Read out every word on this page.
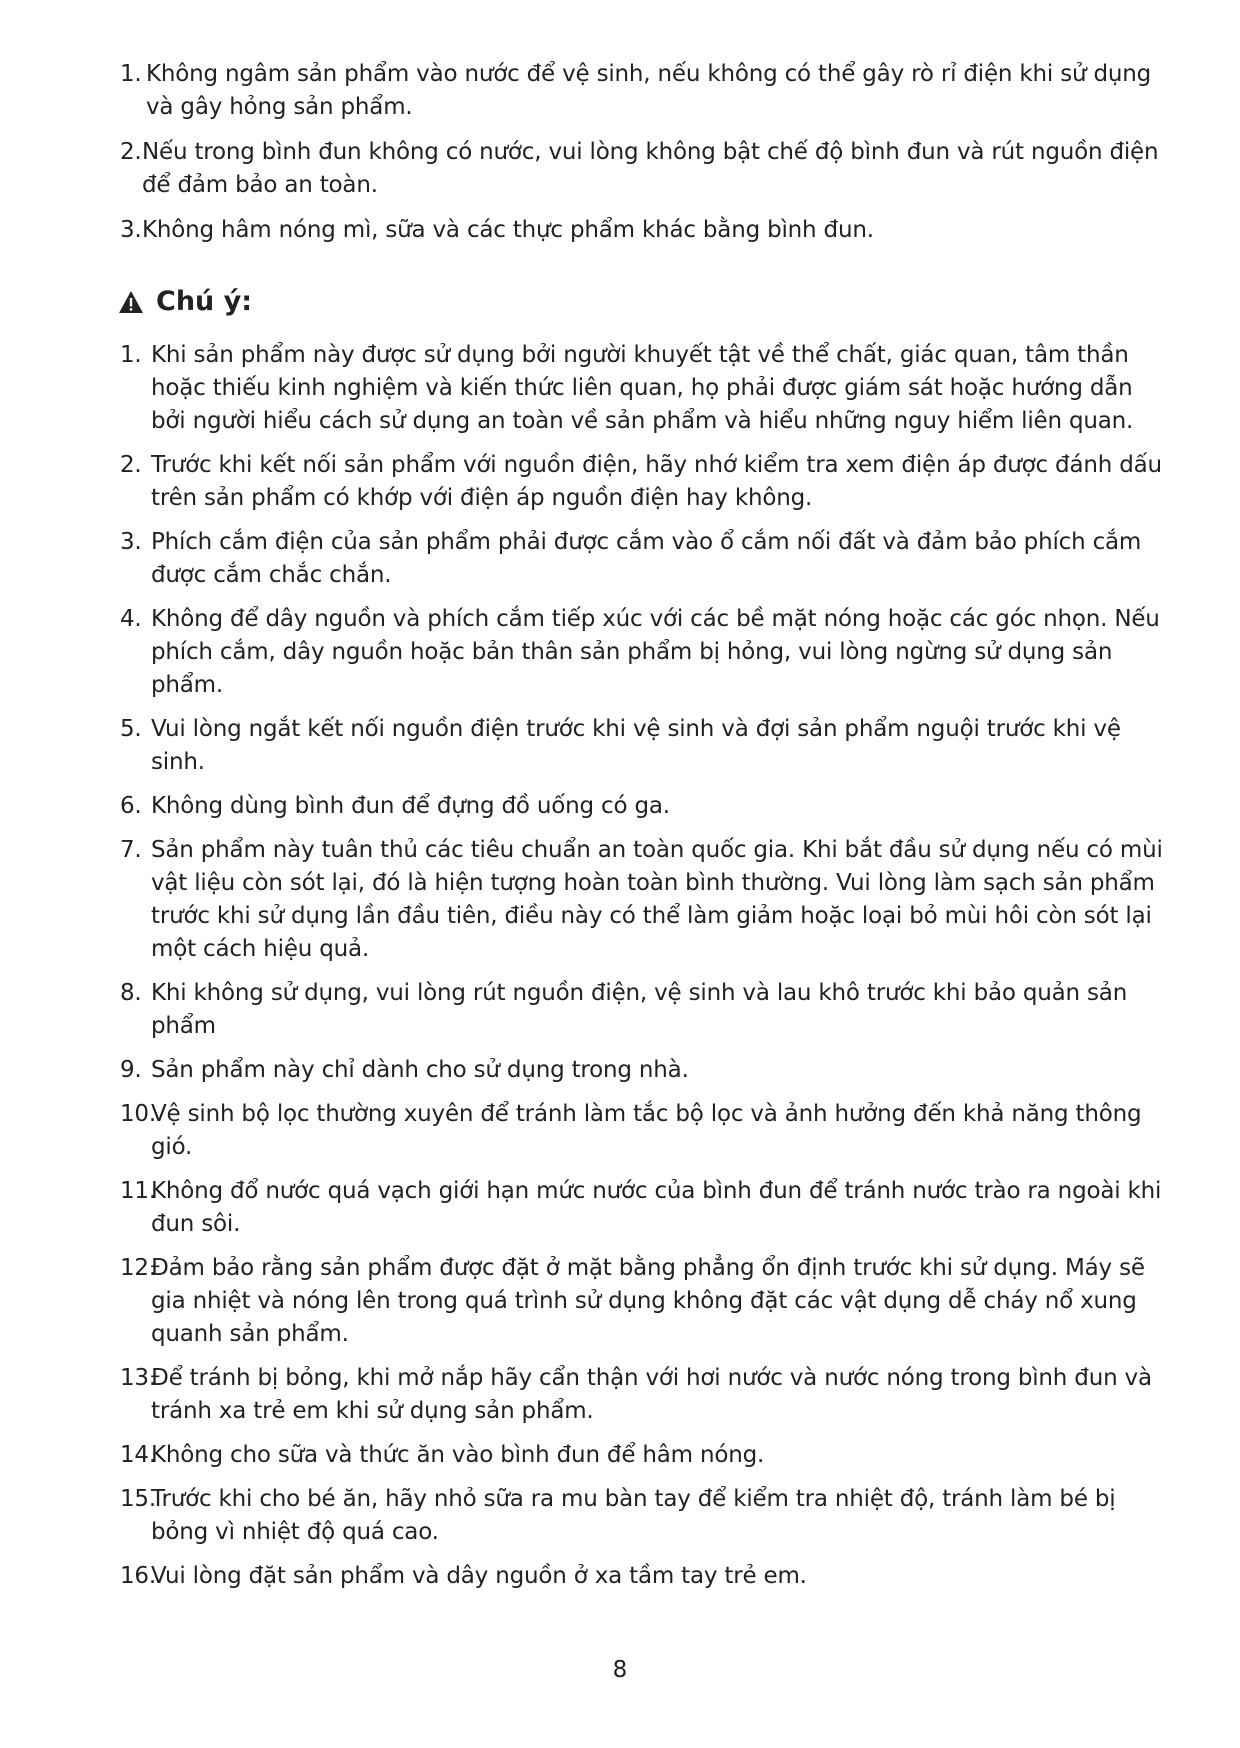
1. Không ngâm sản phẩm vào nước để vệ sinh, nếu không có thể gây rò rỉ điện khi sử dụng và gây hỏng sản phẩm.
2. Nếu trong bình đun không có nước, vui lòng không bật chế độ bình đun và rút nguồn điện để đảm bảo an toàn.
3. Không hâm nóng mì, sữa và các thực phẩm khác bằng bình đun.
Chú ý:
1. Khi sản phẩm này được sử dụng bởi người khuyết tật về thể chất, giác quan, tâm thần hoặc thiếu kinh nghiệm và kiến thức liên quan, họ phải được giám sát hoặc hướng dẫn bởi người hiểu cách sử dụng an toàn về sản phẩm và hiểu những nguy hiểm liên quan.
2. Trước khi kết nối sản phẩm với nguồn điện, hãy nhớ kiểm tra xem điện áp được đánh dấu trên sản phẩm có khớp với điện áp nguồn điện hay không.
3. Phích cắm điện của sản phẩm phải được cắm vào ổ cắm nối đất và đảm bảo phích cắm được cắm chắc chắn.
4. Không để dây nguồn và phích cắm tiếp xúc với các bề mặt nóng hoặc các góc nhọn. Nếu phích cắm, dây nguồn hoặc bản thân sản phẩm bị hỏng, vui lòng ngừng sử dụng sản phẩm.
5. Vui lòng ngắt kết nối nguồn điện trước khi vệ sinh và đợi sản phẩm nguội trước khi vệ sinh.
6. Không dùng bình đun để đựng đồ uống có ga.
7. Sản phẩm này tuân thủ các tiêu chuẩn an toàn quốc gia. Khi bắt đầu sử dụng nếu có mùi vật liệu còn sót lại, đó là hiện tượng hoàn toàn bình thường. Vui lòng làm sạch sản phẩm trước khi sử dụng lần đầu tiên, điều này có thể làm giảm hoặc loại bỏ mùi hôi còn sót lại một cách hiệu quả.
8. Khi không sử dụng, vui lòng rút nguồn điện, vệ sinh và lau khô trước khi bảo quản sản phẩm
9. Sản phẩm này chỉ dành cho sử dụng trong nhà.
10.
Vệ sinh bộ lọc thường xuyên để tránh làm tắc bộ lọc và ảnh hưởng đến khả năng thông gió.
11.
Không đổ nước quá vạch giới hạn mức nước của bình đun để tránh nước trào ra ngoài khi đun sôi.
12.
Đảm bảo rằng sản phẩm được đặt ở mặt bằng phẳng ổn định trước khi sử dụng. Máy sẽ gia nhiệt và nóng lên trong quá trình sử dụng không đặt các vật dụng dễ cháy nổ xung quanh sản phẩm.
13.
Để tránh bị bỏng, khi mở nắp hãy cẩn thận với hơi nước và nước nóng trong bình đun và tránh xa trẻ em khi sử dụng sản phẩm.
14.
Không cho sữa và thức ăn vào bình đun để hâm nóng.
15.
Trước khi cho bé ăn, hãy nhỏ sữa ra mu bàn tay để kiểm tra nhiệt độ, tránh làm bé bị bỏng vì nhiệt độ quá cao.
16.
Vui lòng đặt sản phẩm và dây nguồn ở xa tầm tay trẻ em.
8
